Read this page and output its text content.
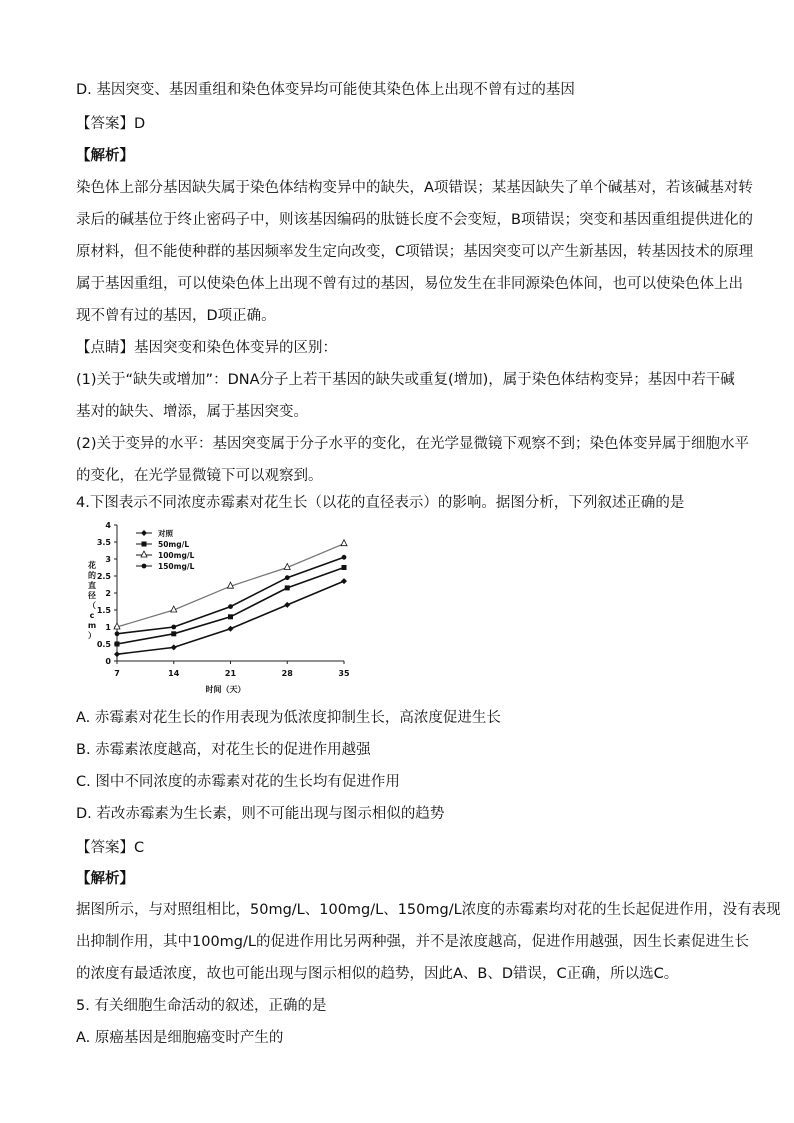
D. 基因突变、基因重组和染色体变异均可能使其染色体上出现不曾有过的基因
【答案】D
【解析】
染色体上部分基因缺失属于染色体结构变异中的缺失，A项错误；某基因缺失了单个碱基对，若该碱基对转
录后的碱基位于终止密码子中，则该基因编码的肽链长度不会变短，B项错误；突变和基因重组提供进化的
原材料，但不能使种群的基因频率发生定向改变，C项错误；基因突变可以产生新基因，转基因技术的原理
属于基因重组，可以使染色体上出现不曾有过的基因，易位发生在非同源染色体间，也可以使染色体上出
现不曾有过的基因，D项正确。
【点睛】基因突变和染色体变异的区别：
(1)关于“缺失或增加”：DNA分子上若干基因的缺失或重复(增加)，属于染色体结构变异；基因中若干碱
基对的缺失、增添，属于基因突变。
(2)关于变异的水平：基因突变属于分子水平的变化，在光学显微镜下观察不到；染色体变异属于细胞水平
的变化，在光学显微镜下可以观察到。
4.下图表示不同浓度赤霉素对花生长（以花的直径表示）的影响。据图分析，下列叙述正确的是
0
0.5
1
1.5
2
2.5
3
3.5
4
7	14	21	28	35
时间（天）
花的直径（ c m ）
对照
50mg/L
100mg/L
150mg/L
A. 赤霉素对花生长的作用表现为低浓度抑制生长，高浓度促进生长
B. 赤霉素浓度越高，对花生长的促进作用越强
C. 图中不同浓度的赤霉素对花的生长均有促进作用
D. 若改赤霉素为生长素，则不可能出现与图示相似的趋势
【答案】C
【解析】
据图所示，与对照组相比，50mg/L、100mg/L、150mg/L浓度的赤霉素均对花的生长起促进作用，没有表现
出抑制作用，其中100mg/L的促进作用比另两种强，并不是浓度越高，促进作用越强，因生长素促进生长
的浓度有最适浓度，故也可能出现与图示相似的趋势，因此A、B、D错误，C正确，所以选C。
5. 有关细胞生命活动的叙述，正确的是
A. 原癌基因是细胞癌变时产生的
